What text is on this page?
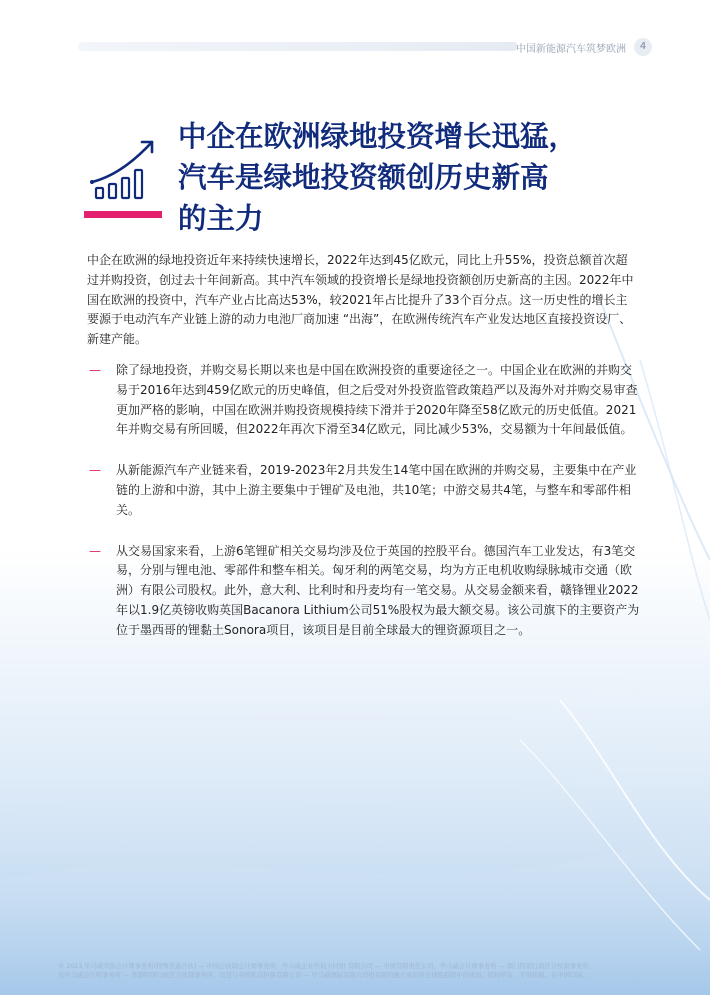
中国新能源汽车筑梦欧洲	4
中企在欧洲绿地投资增长迅猛，
汽车是绿地投资额创历史新高
的主力

中企在欧洲的绿地投资近年来持续快速增长，2022年达到45亿欧元，同比上升55%，投资总额首次超过并购投资，创过去十年间新高。其中汽车领域的投资增长是绿地投资额创历史新高的主因。2022年中国在欧洲的投资中，汽车产业占比高达53%，较2021年占比提升了33个百分点。这一历史性的增长主要源于电动汽车产业链上游的动力电池厂商加速 “出海”，在欧洲传统汽车产业发达地区直接投资设厂、新建产能。

— 除了绿地投资，并购交易长期以来也是中国在欧洲投资的重要途径之一。中国企业在欧洲的并购交易于2016年达到459亿欧元的历史峰值，但之后受对外投资监管政策趋严以及海外对并购交易审查更加严格的影响，中国在欧洲并购投资规模持续下滑并于2020年降至58亿欧元的历史低值。2021年并购交易有所回暖，但2022年再次下滑至34亿欧元，同比减少53%，交易额为十年间最低值。
— 从新能源汽车产业链来看，2019-2023年2月共发生14笔中国在欧洲的并购交易，主要集中在产业链的上游和中游，其中上游主要集中于锂矿及电池，共10笔；中游交易共4笔，与整车和零部件相关。
— 从交易国家来看，上游6笔锂矿相关交易均涉及位于英国的控股平台。德国汽车工业发达，有3笔交易，分别与锂电池、零部件和整车相关。匈牙利的两笔交易，均为方正电机收购绿脉城市交通（欧洲）有限公司股权。此外，意大利、比利时和丹麦均有一笔交易。从交易金额来看，赣锋锂业2022年以1.9亿英镑收购英国Bacanora Lithium公司51%股权为最大额交易。该公司旗下的主要资产为位于墨西哥的锂黏土Sonora项目，该项目是目前全球最大的锂资源项目之一。
© 2023 毕马威华振会计师事务所(特殊普通合伙) — 中国合伙制会计师事务所，毕马威企业咨询 (中国) 有限公司 — 中国有限责任公司，毕马威会计师事务所 — 澳门特别行政区合伙制事务所，
及毕马威会计师事务所 — 香港特别行政区合伙制事务所，均是与英国私营担保有限公司 — 毕马威国际有限公司相关联的独立成员所全球性组织中的成员。版权所有，不得转载。在中国印制。
